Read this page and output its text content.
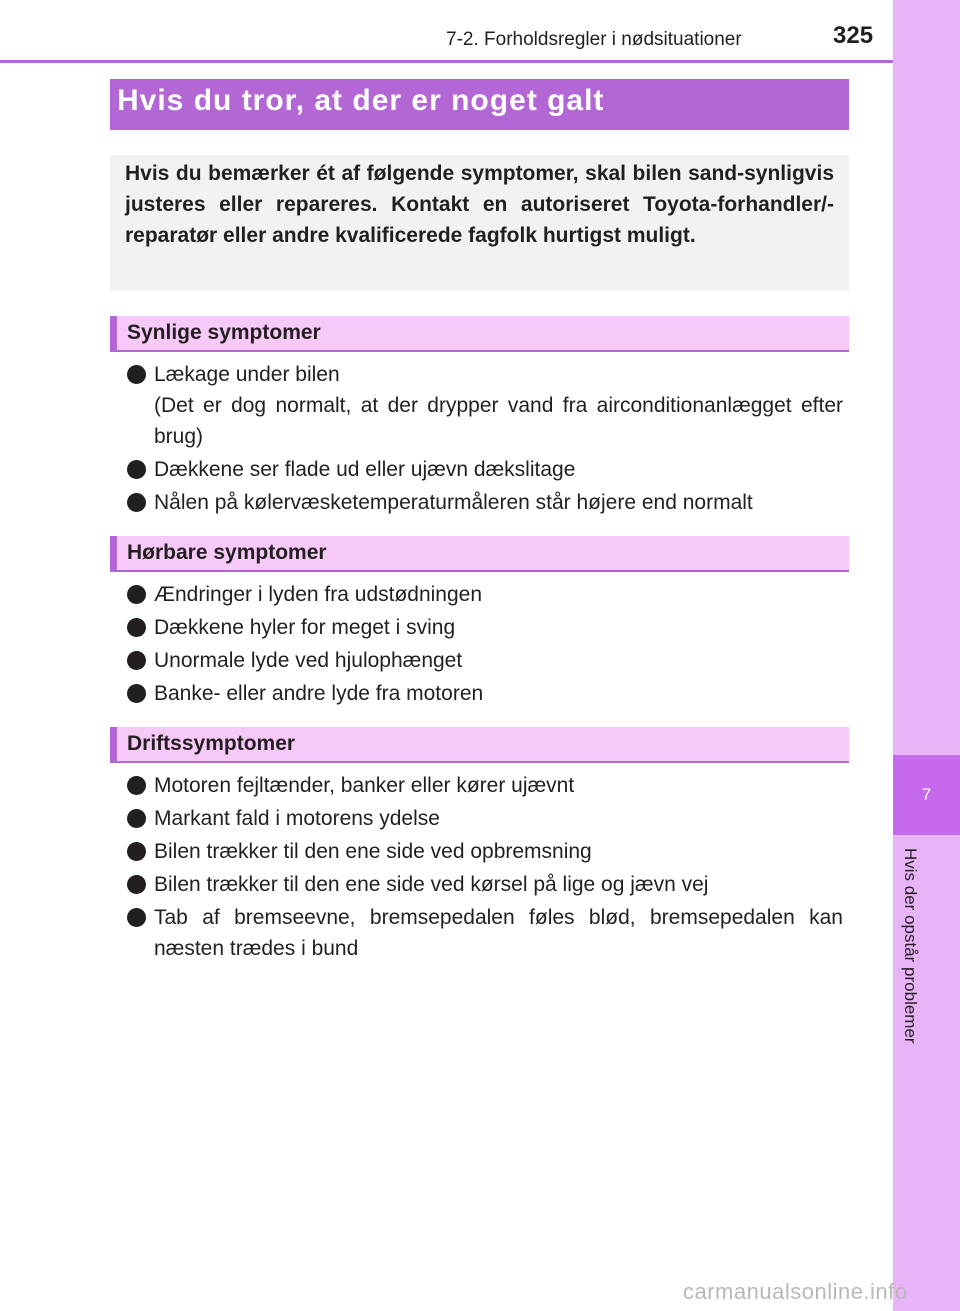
7-2. Forholdsregler i nødsituationer	325
7
Hvis der opstår problemer
Hvis du tror, at der er noget galt
Hvis du bemærker ét af følgende symptomer, skal bilen sand-synligvis justeres eller repareres. Kontakt en autoriseret Toyota-forhandler/-reparatør eller andre kvalificerede fagfolk hurtigst muligt.
Synlige symptomer
Lækage under bilen
(Det er dog normalt, at der drypper vand fra airconditionanlægget efter brug)
Dækkene ser flade ud eller ujævn dækslitage
Nålen på kølervæsketemperaturmåleren står højere end normalt
Hørbare symptomer
Ændringer i lyden fra udstødningen
Dækkene hyler for meget i sving
Unormale lyde ved hjulophænget
Banke- eller andre lyde fra motoren
Driftssymptomer
Motoren fejltænder, banker eller kører ujævnt
Markant fald i motorens ydelse
Bilen trækker til den ene side ved opbremsning
Bilen trækker til den ene side ved kørsel på lige og jævn vej
Tab af bremseevne, bremsepedalen føles blød, bremsepedalen kan næsten trædes i bund
carmanualsonline.info
